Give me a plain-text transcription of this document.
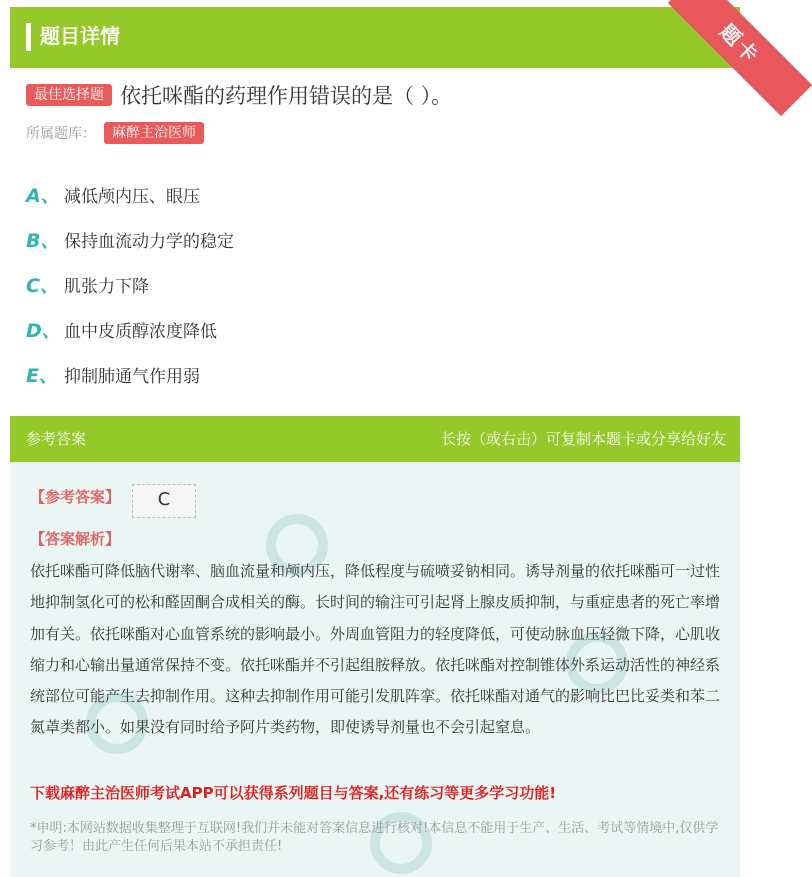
题目详情	题卡
最佳选择题 依托咪酯的药理作用错误的是（ ）。
所属题库：	麻醉主治医师
A、 减低颅内压、眼压
B、 保持血流动力学的稳定
C、 肌张力下降
D、 血中皮质醇浓度降低
E、 抑制肺通气作用弱
参考答案	长按（或右击）可复制本题卡或分享给好友
【参考答案】	C
【答案解析】
依托咪酯可降低脑代谢率、脑血流量和颅内压，降低程度与硫喷妥钠相同。诱导剂量的依托咪酯可一过性地抑制氢化可的松和醛固酮合成相关的酶。长时间的输注可引起肾上腺皮质抑制，与重症患者的死亡率增加有关。依托咪酯对心血管系统的影响最小。外周血管阻力的轻度降低，可使动脉血压轻微下降，心肌收缩力和心输出量通常保持不变。依托咪酯并不引起组胺释放。依托咪酯对控制锥体外系运动活性的神经系统部位可能产生去抑制作用。这种去抑制作用可能引发肌阵挛。依托咪酯对通气的影响比巴比妥类和苯二氮䓬类都小。如果没有同时给予阿片类药物，即使诱导剂量也不会引起窒息。
下载麻醉主治医师考试APP可以获得系列题目与答案,还有练习等更多学习功能!
*申明:本网站数据收集整理于互联网!我们并未能对答案信息进行核对!本信息不能用于生产、生活、考试等情境中,仅供学习参考！由此产生任何后果本站不承担责任!
